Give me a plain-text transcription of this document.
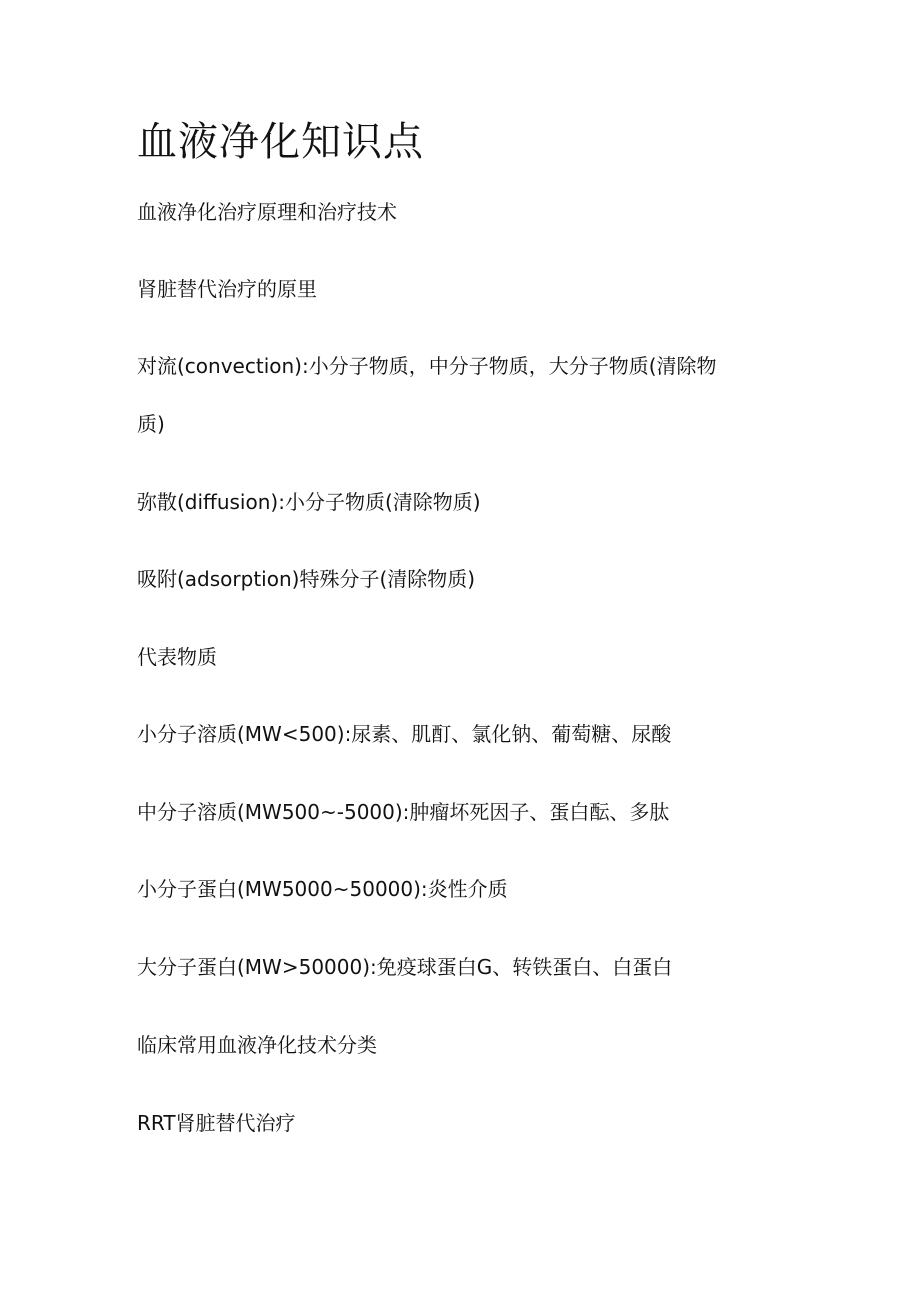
血液净化知识点

血液净化治疗原理和治疗技术

肾脏替代治疗的原里

对流(convection):小分子物质，中分子物质，大分子物质(清除物

质)

弥散(diffusion):小分子物质(清除物质)

吸附(adsorption)特殊分子(清除物质)

代表物质

小分子溶质(MW<500):尿素、肌酊、氯化钠、葡萄糖、尿酸

中分子溶质(MW500~-5000):肿瘤坏死因子、蛋白酝、多肽

小分子蛋白(MW5000~50000):炎性介质

大分子蛋白(MW>50000):免疫球蛋白G、转铁蛋白、白蛋白

临床常用血液净化技术分类

RRT肾脏替代治疗
